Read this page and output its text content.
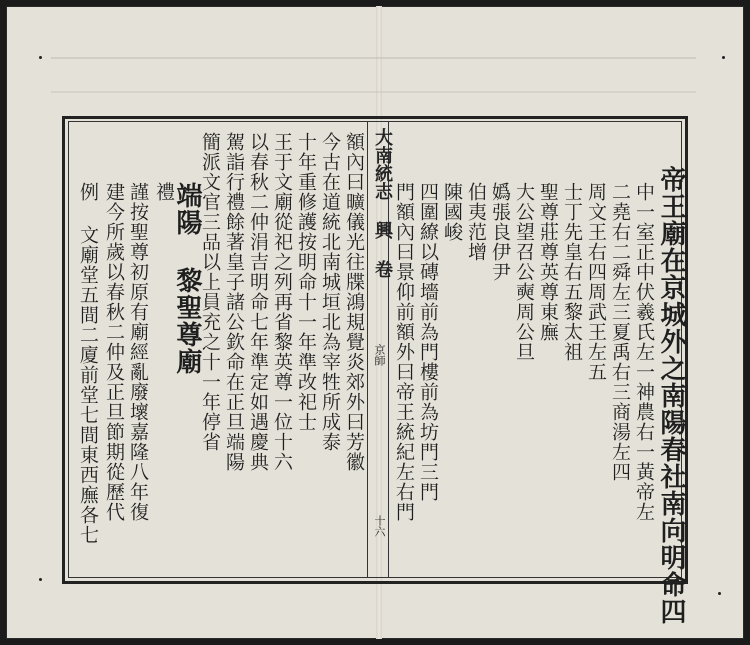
額內曰曠儀光往牒鴻規覺炎郊外曰芳徽
今古在道統北南城垣北為宰牲所成泰
十年重修護按明命十一年準改祀士
王于文廟從祀之列再省黎英尊一位十六
以春秋二仲涓吉明命七年準定如遇慶典
駕詣行禮餘著皇子諸公欽命在正旦端陽
簡派文官三品以上員充之十一年停省
端陽 黎聖尊廟
禮
謹按聖尊初原有廟經亂廢壞嘉隆八年復
建今所歲以春秋二仲及正旦節期從歷代
例 文廟堂五間二廈前堂七間東西廡各七	大南統志 興 卷
京師
十六
門額內曰景仰前額外曰帝王統紀左右門 四圍繚以磚墻前為門樓前為坊門三門 陳國峻 伯夷范增 嬀張良伊尹 大公望召公奭周公旦 聖尊莊尊英尊東廡 士丁先皇右五黎太祖 周文王右四周武王左五 二堯右二舜左三夏禹右三商湯左四 中一室正中伏羲氏左一神農右一黃帝左 帝王廟在京城外之南陽春社南向明命四
